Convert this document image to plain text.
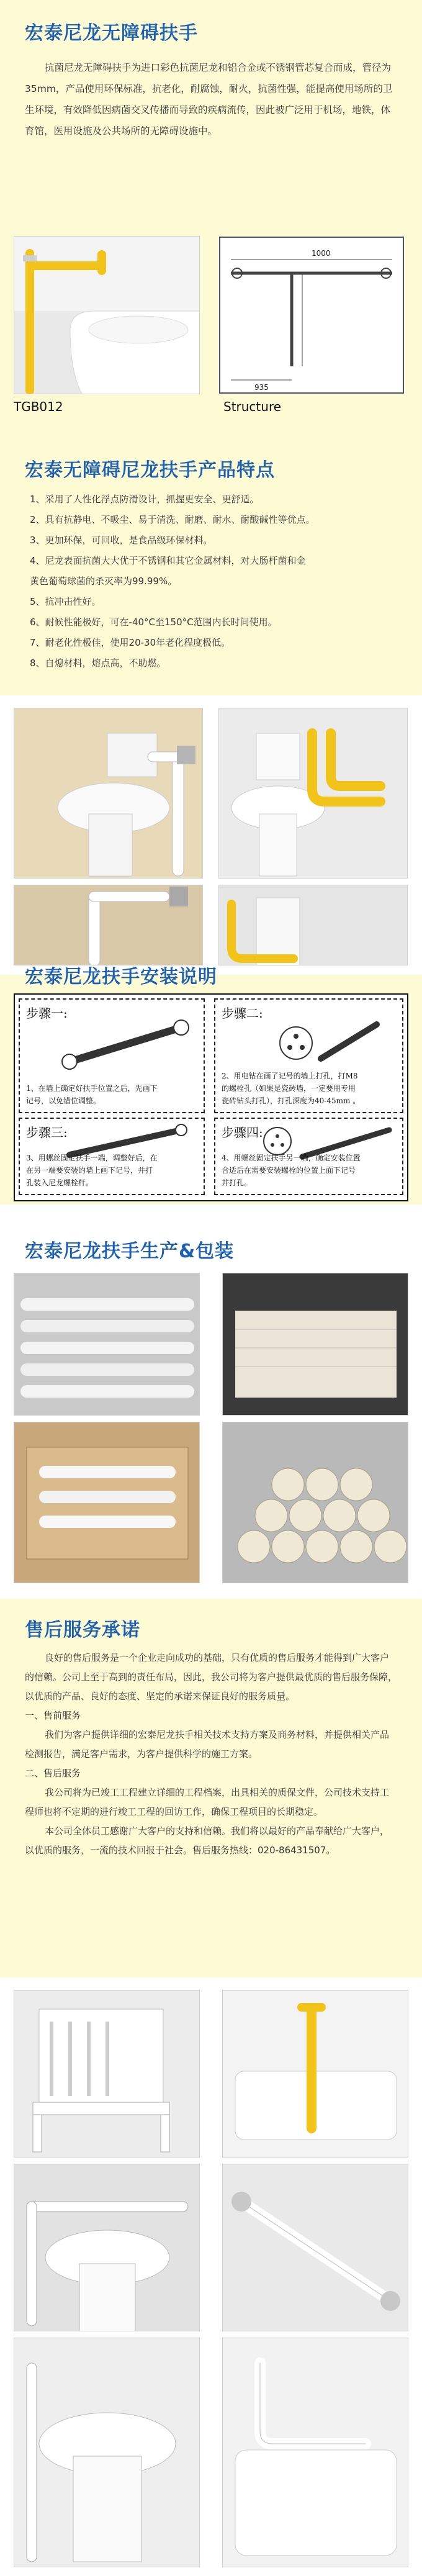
宏泰尼龙无障碍扶手
抗菌尼龙无障碍扶手为进口彩色抗菌尼龙和铝合金或不锈钢管芯复合而成，管径为35mm，产品使用环保标准，抗老化，耐腐蚀，耐火，抗菌性强，能提高使用场所的卫生环境，有效降低因病菌交叉传播而导致的疾病流传，因此被广泛用于机场，地铁，体育馆，医用设施及公共场所的无障碍设施中。
TGB012
1000
935
Structure
宏泰无障碍尼龙扶手产品特点
1、采用了人性化浮点防滑设计，抓握更安全、更舒适。
2、具有抗静电、不吸尘、易于清洗、耐磨、耐水、耐酸碱性等优点。
3、更加环保，可回收，是食品级环保材料。
4、尼龙表面抗菌大大优于不锈钢和其它金属材料，对大肠杆菌和金
黄色葡萄球菌的杀灭率为99.99%。
5、抗冲击性好。
6、耐候性能极好，可在-40°C至150°C范围内长时间使用。
7、耐老化性极佳，使用20-30年老化程度极低。
8、自熄材料，熔点高，不助燃。
宏泰尼龙扶手安装说明
步骤一:
1、在墙上确定好扶手位置之后，先画下
记号，以免错位调整。
步骤二:
2、用电钻在画了记号的墙上打孔，打M8
的螺栓孔（如果是瓷砖墙，一定要用专用
瓷砖钻头打孔），打孔深度为40-45mm 。
步骤三:
3、用螺丝固定扶手一端，调整好后，在
在另一端要安装的墙上画下记号，并打
孔装入尼龙螺栓杆。
步骤四:
4、用螺丝固定扶手另一端，确定安装位置
合适后在需要安装螺栓的位置上面下记号
并打孔。
宏泰尼龙扶手生产&包装
售后服务承诺

良好的售后服务是一个企业走向成功的基础，只有优质的售后服务才能得到广大客户的信赖。公司上至于高到的责任布局，因此，我公司将为客户提供最优质的售后服务保障，以优质的产品、良好的态度、坚定的承诺来保证良好的服务质量。

一、售前服务

我们为客户提供详细的宏泰尼龙扶手相关技术支持方案及商务材料，并提供相关产品检测报告，满足客户需求，为客户提供科学的施工方案。

二、售后服务

我公司将为已竣工工程建立详细的工程档案，出具相关的质保文件，公司技术支持工程师也将不定期的进行竣工工程的回访工作，确保工程项目的长期稳定。

本公司全体员工感谢广大客户的支持和信赖。我们将以最好的产品奉献给广大客户，以优质的服务，一流的技术回报于社会。售后服务热线：020-86431507。
